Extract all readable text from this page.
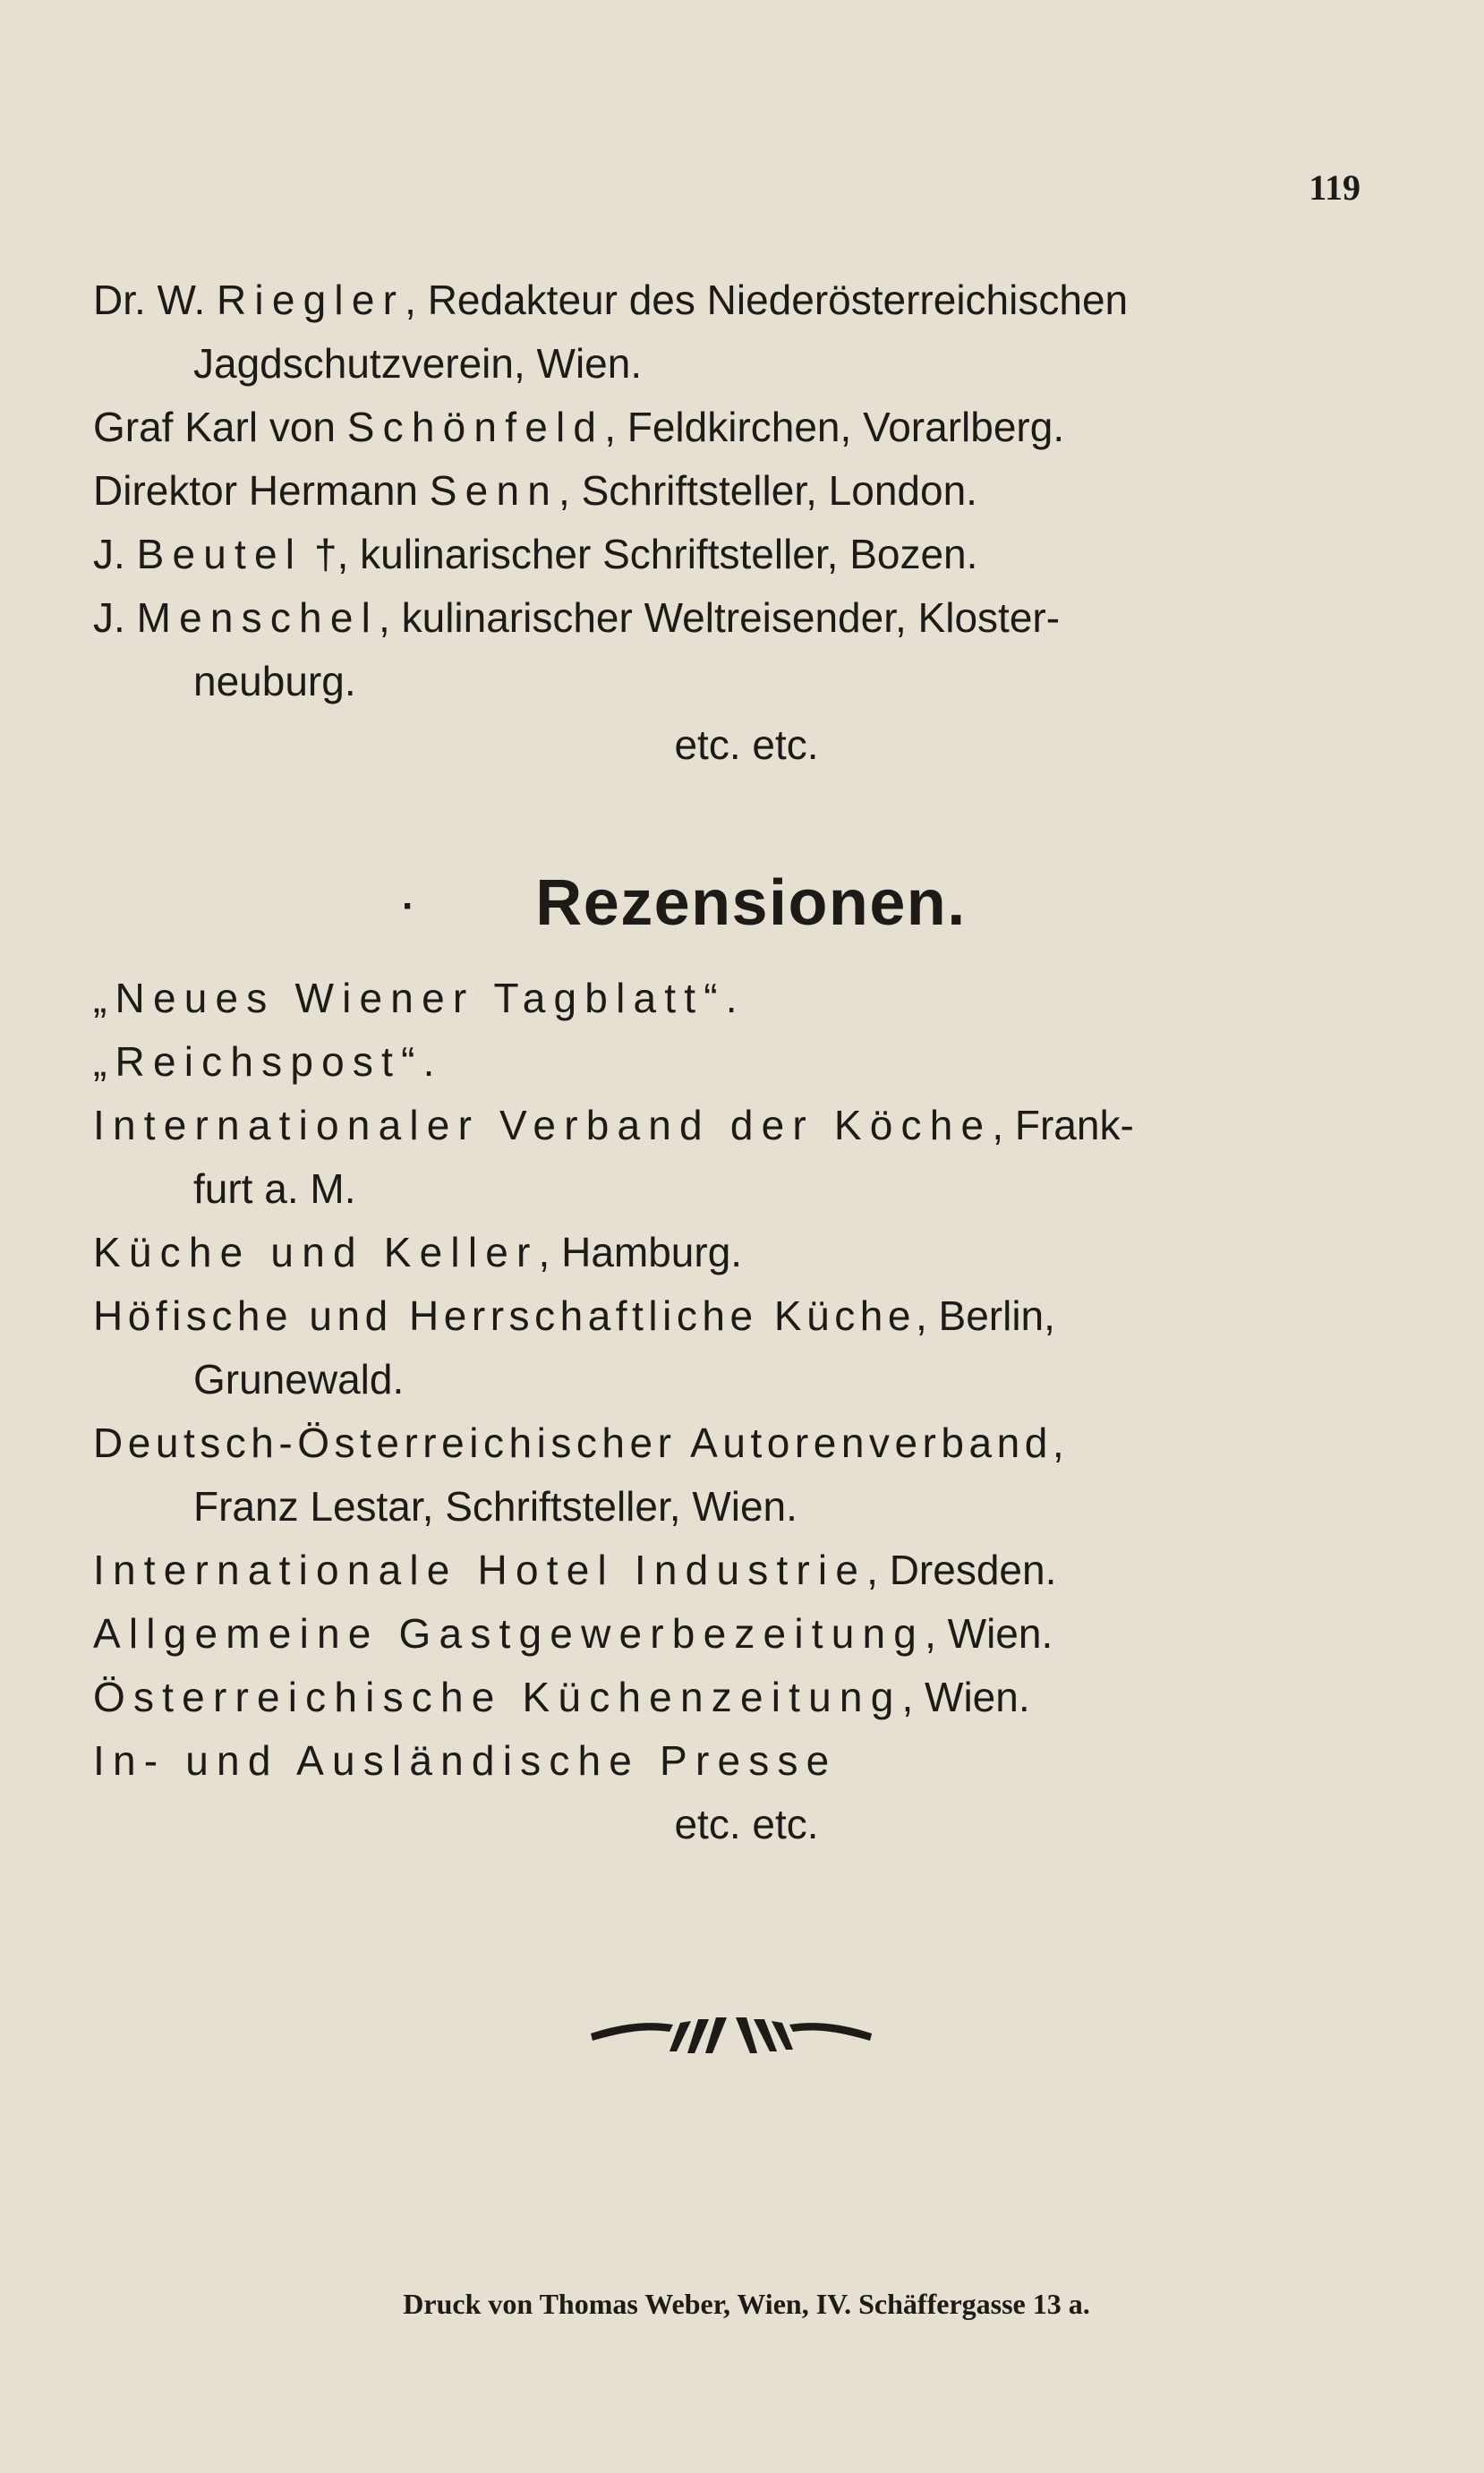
119
Dr. W. Riegler, Redakteur des Niederösterreichischen
Jagdschutzverein, Wien.
Graf Karl von Schönfeld, Feldkirchen, Vorarlberg.
Direktor Hermann Senn, Schriftsteller, London.
J. Beutel †, kulinarischer Schriftsteller, Bozen.
J. Menschel, kulinarischer Weltreisender, Kloster-
neuburg.
etc. etc.
· Rezensionen.
„Neues Wiener Tagblatt“.
„Reichspost“.
Internationaler Verband der Köche, Frank-
furt a. M.
Küche und Keller, Hamburg.
Höfische und Herrschaftliche Küche, Berlin,
Grunewald.
Deutsch-Österreichischer Autorenverband,
Franz Lestar, Schriftsteller, Wien.
Internationale Hotel Industrie, Dresden.
Allgemeine Gastgewerbezeitung, Wien.
Österreichische Küchenzeitung, Wien.
In- und Ausländische Presse
etc. etc.
Druck von Thomas Weber, Wien, IV. Schäffergasse 13 a.
